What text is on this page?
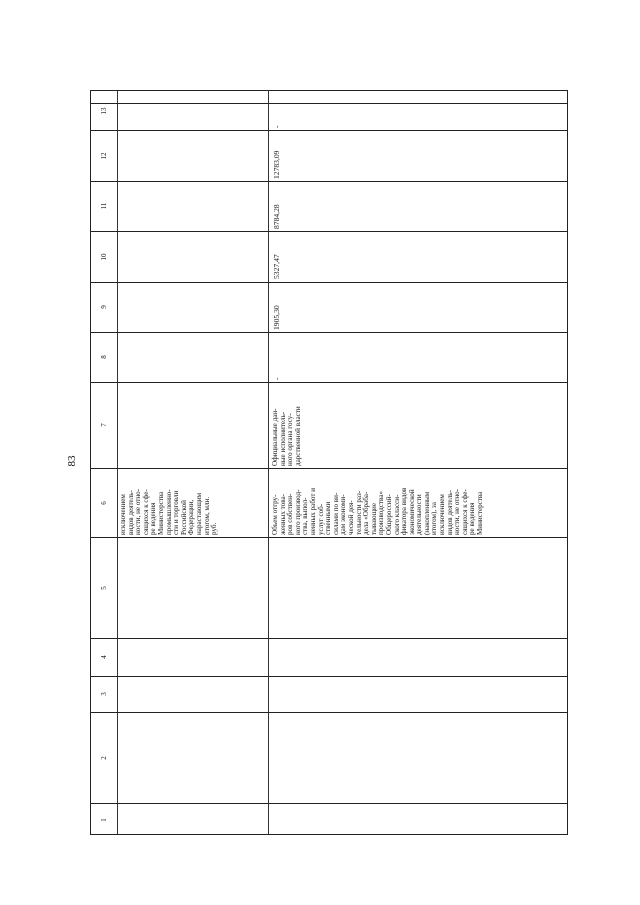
83
13
12
11
10
9
8
7
6
5
4
3
2
1
исключением видов деятель- ности, не отно- сящихся к сфе- ре ведения Министерства промышленно- сти и торговли Российской Федерации, нарастающим итогом, млн. руб.	Объем отгру- женных това- ров собствен- ного производ- ства, выпол- ненных работ и услуг соб- ственными силами по ви- дам экономи- ческой дея- тельности раз- дела «Обраба- тывающие производства» Общероссий- ского класси- фикатора видов экономической деятельности (накопленным итогом), за исключением видов деятель- ности, не отно- сящихся к сфе- ре ведения Министерства
Официальные дан- ные исполнитель- ного органа госу- дарственной власти
-
1905,30
5327,47
8784,28
12783,09
-
